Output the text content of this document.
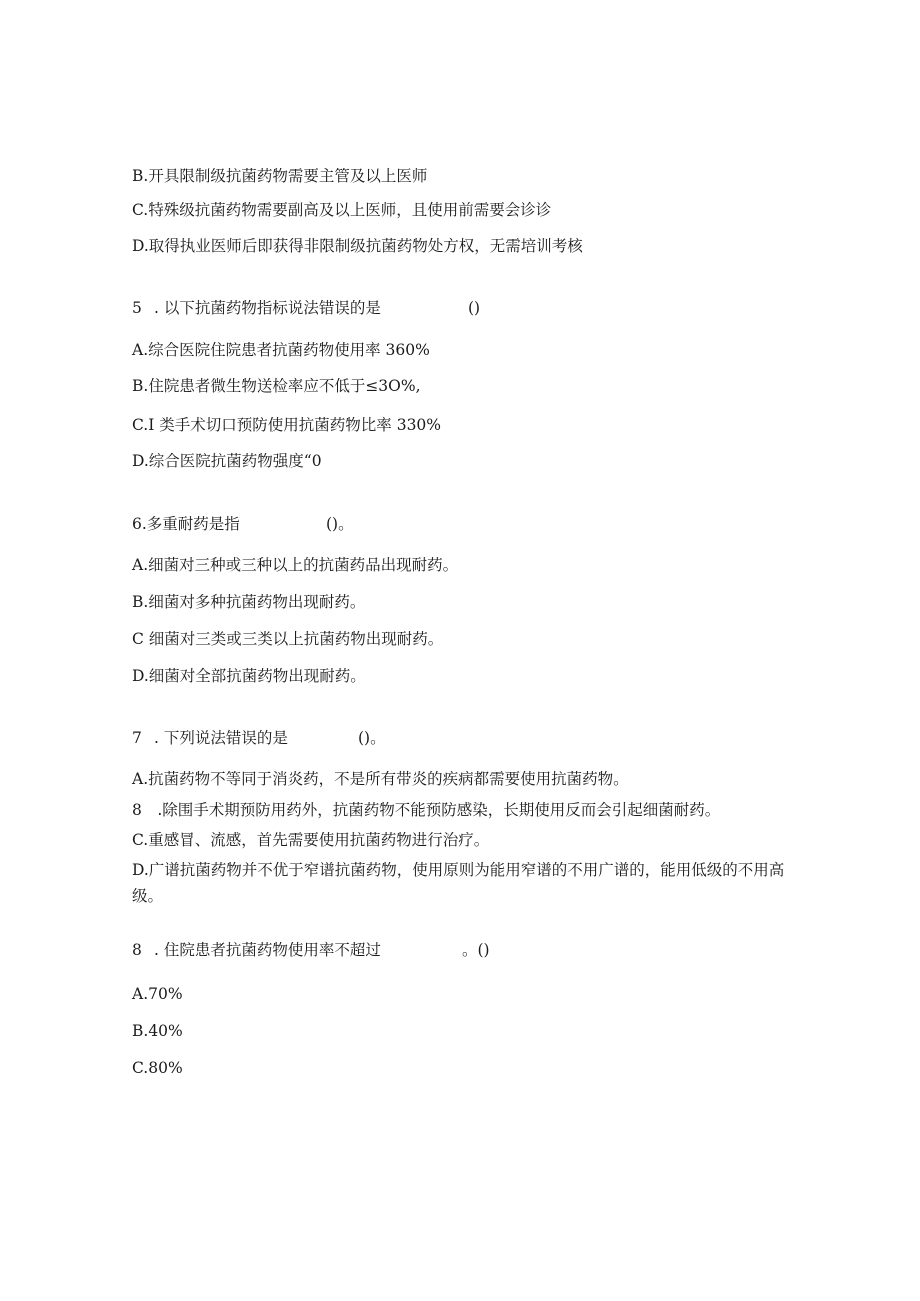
B.开具限制级抗菌药物需要主管及以上医师
C.特殊级抗菌药物需要副高及以上医师，且使用前需要会诊诊
D.取得执业医师后即获得非限制级抗菌药物处方权，无需培训考核
5 . 以下抗菌药物指标说法错误的是	()
A.综合医院住院患者抗菌药物使用率 360%
B.住院患者微生物送检率应不低于≤3O%,
C.I 类手术切口预防使用抗菌药物比率 330%
D.综合医院抗菌药物强度“0
6.多重耐药是指	()。
A.细菌对三种或三种以上的抗菌药品出现耐药。
B.细菌对多种抗菌药物出现耐药。
C 细菌对三类或三类以上抗菌药物出现耐药。
D.细菌对全部抗菌药物出现耐药。
7 . 下列说法错误的是	()。
A.抗菌药物不等同于消炎药，不是所有带炎的疾病都需要使用抗菌药物。
8　.除围手术期预防用药外，抗菌药物不能预防感染，长期使用反而会引起细菌耐药。
C.重感冒、流感，首先需要使用抗菌药物进行治疗。
D.广谱抗菌药物并不优于窄谱抗菌药物，使用原则为能用窄谱的不用广谱的，能用低级的不用高级。
8 . 住院患者抗菌药物使用率不超过	。()
A.70%
B.40%
C.80%
